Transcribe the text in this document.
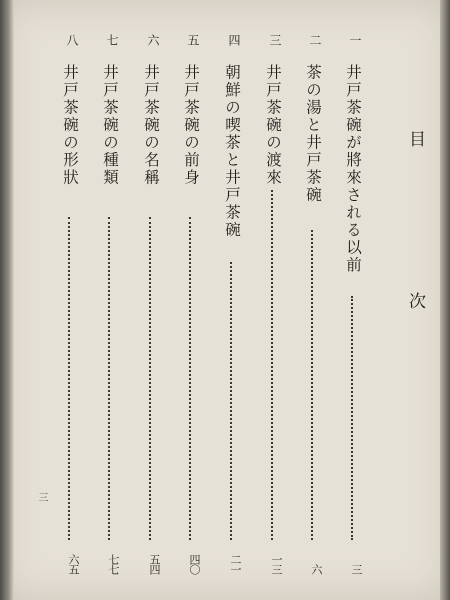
目　次
一
井戸茶碗が將來される以前
三
二
茶の湯と井戸茶碗
六
三
井戸茶碗の渡來
一三
四
朝鮮の喫茶と井戸茶碗
二一
五
井戸茶碗の前身
四〇
六
井戸茶碗の名稱
五四
七
井戸茶碗の種類
七七
八
井戸茶碗の形狀
六五
三
